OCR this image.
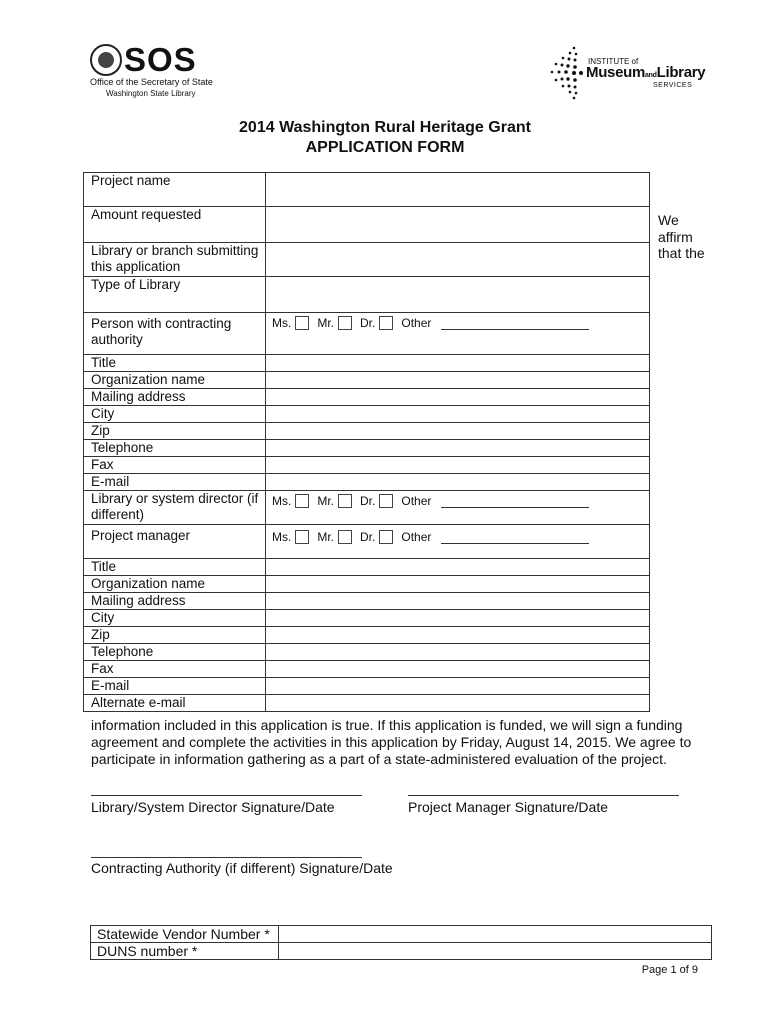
SOS
Office of the Secretary of State
Washington State Library
INSTITUTE of
MuseumandLibrary
SERVICES
2014 Washington Rural Heritage Grant
APPLICATION FORM
Project name	
Amount requested	
Library or branch submitting this application	
Type of Library	
Person with contracting authority	Ms. Mr. Dr. Other

Title	
Organization name	
Mailing address	
City	
Zip	
Telephone	
Fax	
E-mail	
Library or system director (if different)	Ms. Mr. Dr. Other

Project manager	Ms. Mr. Dr. Other

Title	
Organization name	
Mailing address	
City	
Zip	
Telephone	
Fax	
E-mail	
Alternate e-mail	
We affirm that the
information included in this application is true. If this application is funded, we will sign a funding agreement and complete the activities in this application by Friday, August 14, 2015. We agree to participate in information gathering as a part of a state-administered evaluation of the project.
Library/System Director Signature/Date	Project Manager Signature/Date
Contracting Authority (if different) Signature/Date
Statewide Vendor Number *	
DUNS number *	
Page 1 of 9
